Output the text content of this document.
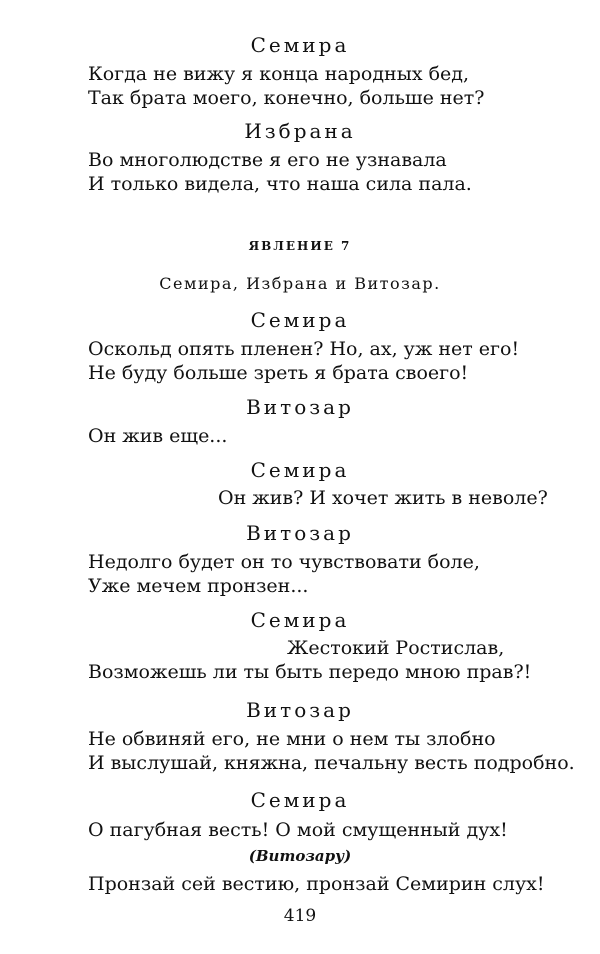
Семира
Когда не вижу я конца народных бед,
Так брата моего, конечно, больше нет?
Избрана
Во многолюдстве я его не узнавала
И только видела, что наша сила пала.
ЯВЛЕНИЕ 7
Семира, Избрана и Витозар.
Семира
Оскольд опять пленен? Но, ах, уж нет его!
Не буду больше зреть я брата своего!
Витозар
Он жив еще...
Семира
Он жив? И хочет жить в неволе?
Витозар
Недолго будет он то чувствовати боле,
Уже мечем пронзен...
Семира
Жестокий Ростислав,
Возможешь ли ты быть передо мною прав?!
Витозар
Не обвиняй его, не мни о нем ты злобно
И выслушай, княжна, печальну весть подробно.
Семира
О пагубная весть! О мой смущенный дух!
(Витозару)
Пронзай сей вестию, пронзай Семирин слух!
419
